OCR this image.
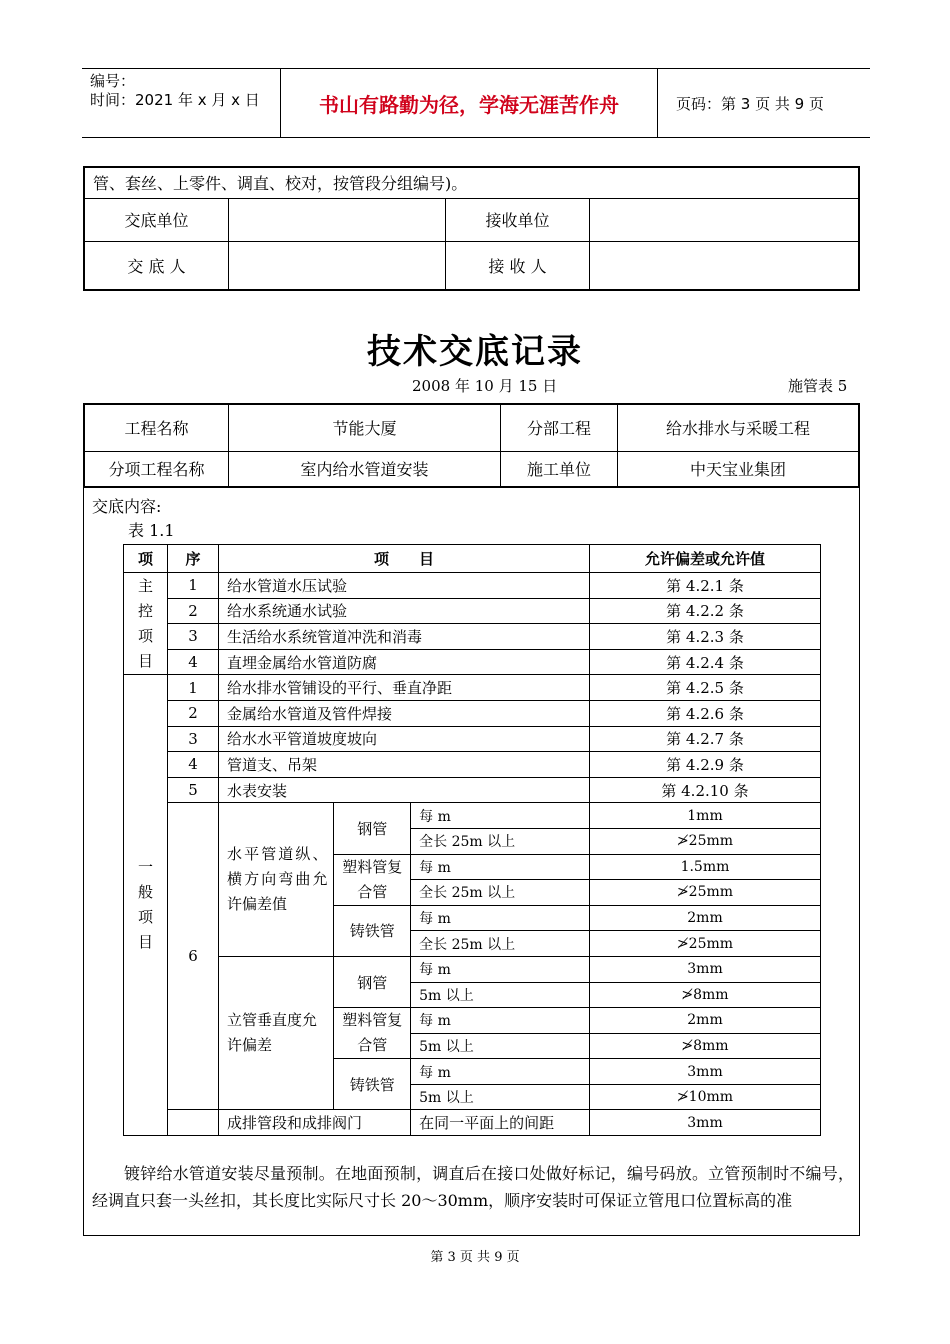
编号：
时间：2021 年 x 月 x 日	书山有路勤为径，学海无涯苦作舟	页码：第 3 页 共 9 页
管、套丝、上零件、调直、校对，按管段分组编号)。			
交底单位		接收单位	
交 底 人		接 收 人	
技术交底记录
2008 年 10 月 15 日	施管表 5
工程名称	节能大厦	分部工程	给水排水与采暖工程
分项工程名称	室内给水管道安装	施工单位	中天宝业集团
交底内容:
表 1.1
项	序	项　　目			允许偏差或允许值
主控项目	1	给水管道水压试验			第 4.2.1 条
	2	给水系统通水试验			第 4.2.2 条
	3	生活给水系统管道冲洗和消毒			第 4.2.3 条
	4	直埋金属给水管道防腐			第 4.2.4 条
一般项目	1	给水排水管铺设的平行、垂直净距			第 4.2.5 条
	2	金属给水管道及管件焊接			第 4.2.6 条
	3	给水水平管道坡度坡向			第 4.2.7 条
	4	管道支、吊架			第 4.2.9 条
	5	水表安装			第 4.2.10 条
	6	水平管道纵、横方向弯曲允许偏差值	钢管	每 m	1mm
				全长 25m 以上	≯25mm
			塑料管复合管	每 m	1.5mm
				全长 25m 以上	≯25mm
			铸铁管	每 m	2mm
				全长 25m 以上	≯25mm
		立管垂直度允许偏差	钢管	每 m	3mm
				5m 以上	≯8mm
			塑料管复合管	每 m	2mm
				5m 以上	≯8mm
			铸铁管	每 m	3mm
				5m 以上	≯10mm
		成排管段和成排阀门		在同一平面上的间距	3mm
镀锌给水管道安装尽量预制。在地面预制，调直后在接口处做好标记，编号码放。立管预制时不编号，经调直只套一头丝扣，其长度比实际尺寸长 20～30mm，顺序安装时可保证立管甩口位置标高的准
第 3 页 共 9 页
